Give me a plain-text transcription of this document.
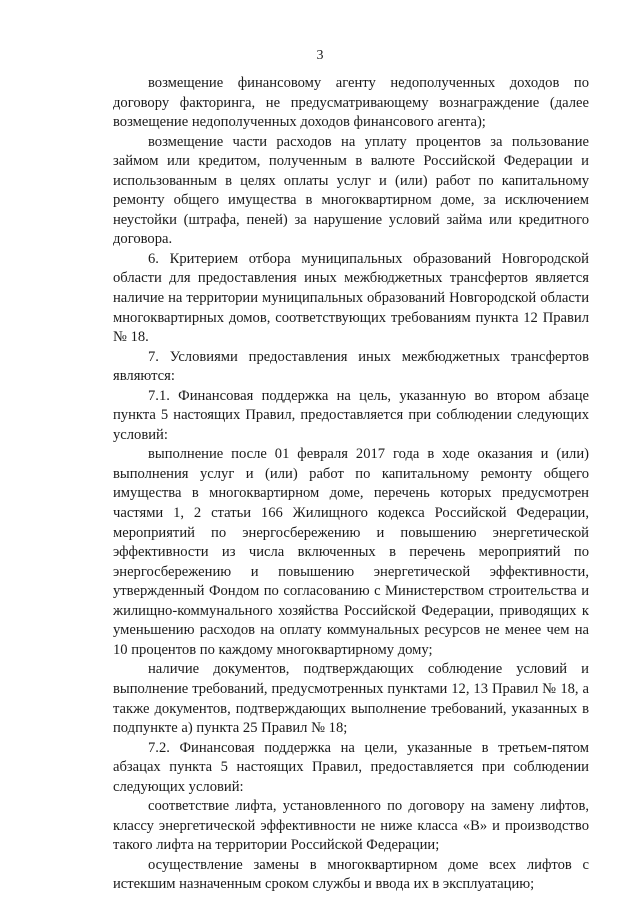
3

возмещение финансовому агенту недополученных доходов по договору факторинга, не предусматривающему вознаграждение (далее возмещение недополученных доходов финансового агента);

возмещение части расходов на уплату процентов за пользование займом или кредитом, полученным в валюте Российской Федерации и использованным в целях оплаты услуг и (или) работ по капитальному ремонту общего имущества в многоквартирном доме, за исключением неустойки (штрафа, пеней) за нарушение условий займа или кредитного договора.

6. Критерием отбора муниципальных образований Новгородской области для предоставления иных межбюджетных трансфертов является наличие на территории муниципальных образований Новгородской области многоквартирных домов, соответствующих требованиям пункта 12 Правил № 18.

7. Условиями предоставления иных межбюджетных трансфертов являются:

7.1. Финансовая поддержка на цель, указанную во втором абзаце пункта 5 настоящих Правил, предоставляется при соблюдении следующих условий:

выполнение после 01 февраля 2017 года в ходе оказания и (или) выполнения услуг и (или) работ по капитальному ремонту общего имущества в многоквартирном доме, перечень которых предусмотрен частями 1, 2 статьи 166 Жилищного кодекса Российской Федерации, мероприятий по энергосбережению и повышению энергетической эффективности из числа включенных в перечень мероприятий по энергосбережению и повышению энергетической эффективности, утвержденный Фондом по согласованию с Министерством строительства и жилищно-коммунального хозяйства Российской Федерации, приводящих к уменьшению расходов на оплату коммунальных ресурсов не менее чем на 10 процентов по каждому многоквартирному дому;

наличие документов, подтверждающих соблюдение условий и выполнение требований, предусмотренных пунктами 12, 13 Правил № 18, а также документов, подтверждающих выполнение требований, указанных в подпункте а) пункта 25 Правил № 18;

7.2. Финансовая поддержка на цели, указанные в третьем-пятом абзацах пункта 5 настоящих Правил, предоставляется при соблюдении следующих условий:

соответствие лифта, установленного по договору на замену лифтов, классу энергетической эффективности не ниже класса «В» и производство такого лифта на территории Российской Федерации;

осуществление замены в многоквартирном доме всех лифтов с истекшим назначенным сроком службы и ввода их в эксплуатацию;
